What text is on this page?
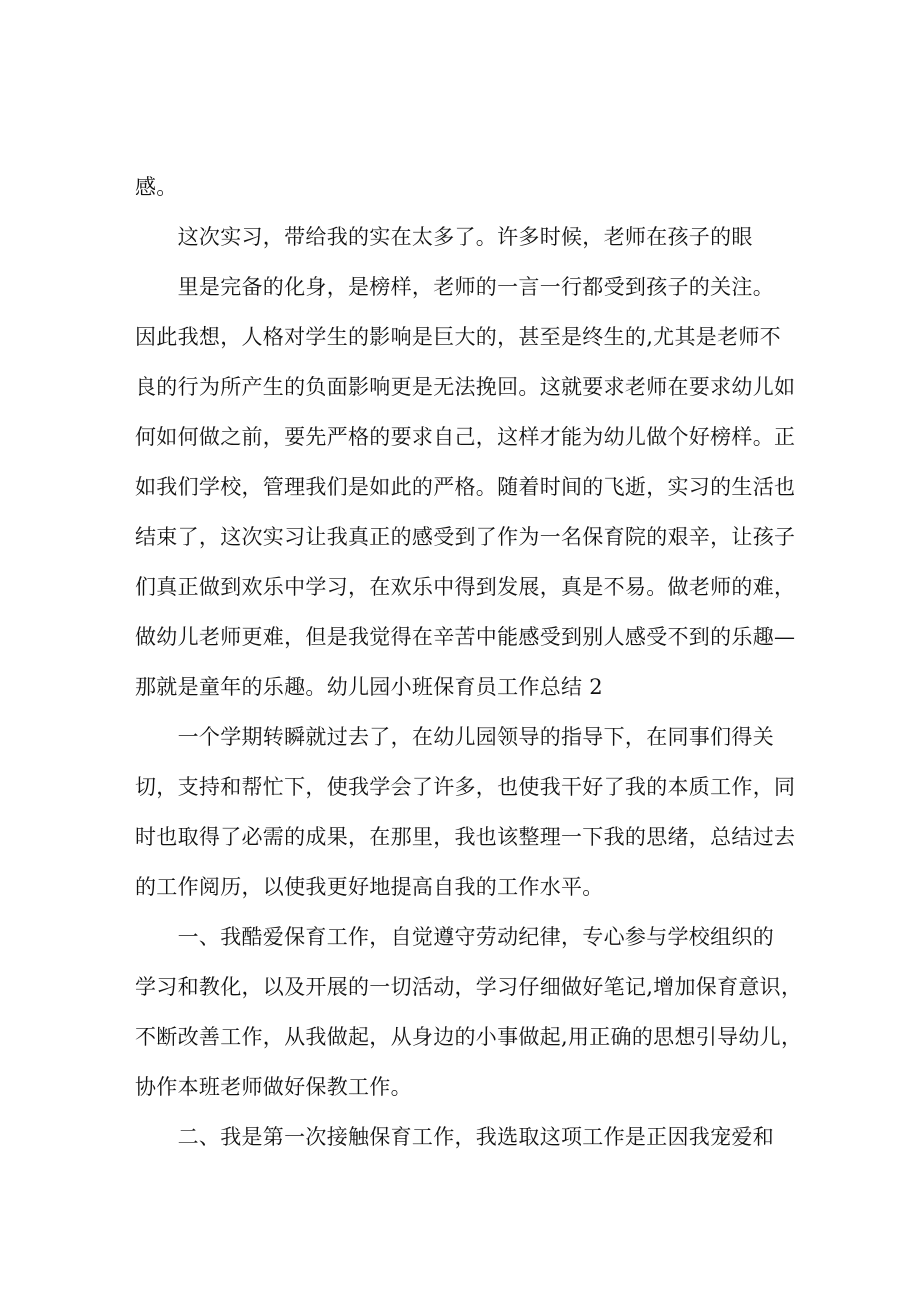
感。
　　这次实习，带给我的实在太多了。许多时候，老师在孩子的眼
　　里是完备的化身，是榜样，老师的一言一行都受到孩子的关注。
因此我想，人格对学生的影响是巨大的，甚至是终生的,尤其是老师不
良的行为所产生的负面影响更是无法挽回。这就要求老师在要求幼儿如
何如何做之前，要先严格的要求自己，这样才能为幼儿做个好榜样。正
如我们学校，管理我们是如此的严格。随着时间的飞逝，实习的生活也
结束了，这次实习让我真正的感受到了作为一名保育院的艰辛，让孩子
们真正做到欢乐中学习，在欢乐中得到发展，真是不易。做老师的难，
做幼儿老师更难，但是我觉得在辛苦中能感受到别人感受不到的乐趣—
那就是童年的乐趣。幼儿园小班保育员工作总结 2
　　一个学期转瞬就过去了，在幼儿园领导的指导下，在同事们得关
切，支持和帮忙下，使我学会了许多，也使我干好了我的本质工作，同
时也取得了必需的成果，在那里，我也该整理一下我的思绪，总结过去
的工作阅历，以使我更好地提高自我的工作水平。
　　一、我酷爱保育工作，自觉遵守劳动纪律，专心参与学校组织的
学习和教化，以及开展的一切活动，学习仔细做好笔记,增加保育意识，
不断改善工作，从我做起，从身边的小事做起,用正确的思想引导幼儿，
协作本班老师做好保教工作。
　　二、我是第一次接触保育工作，我选取这项工作是正因我宠爱和
